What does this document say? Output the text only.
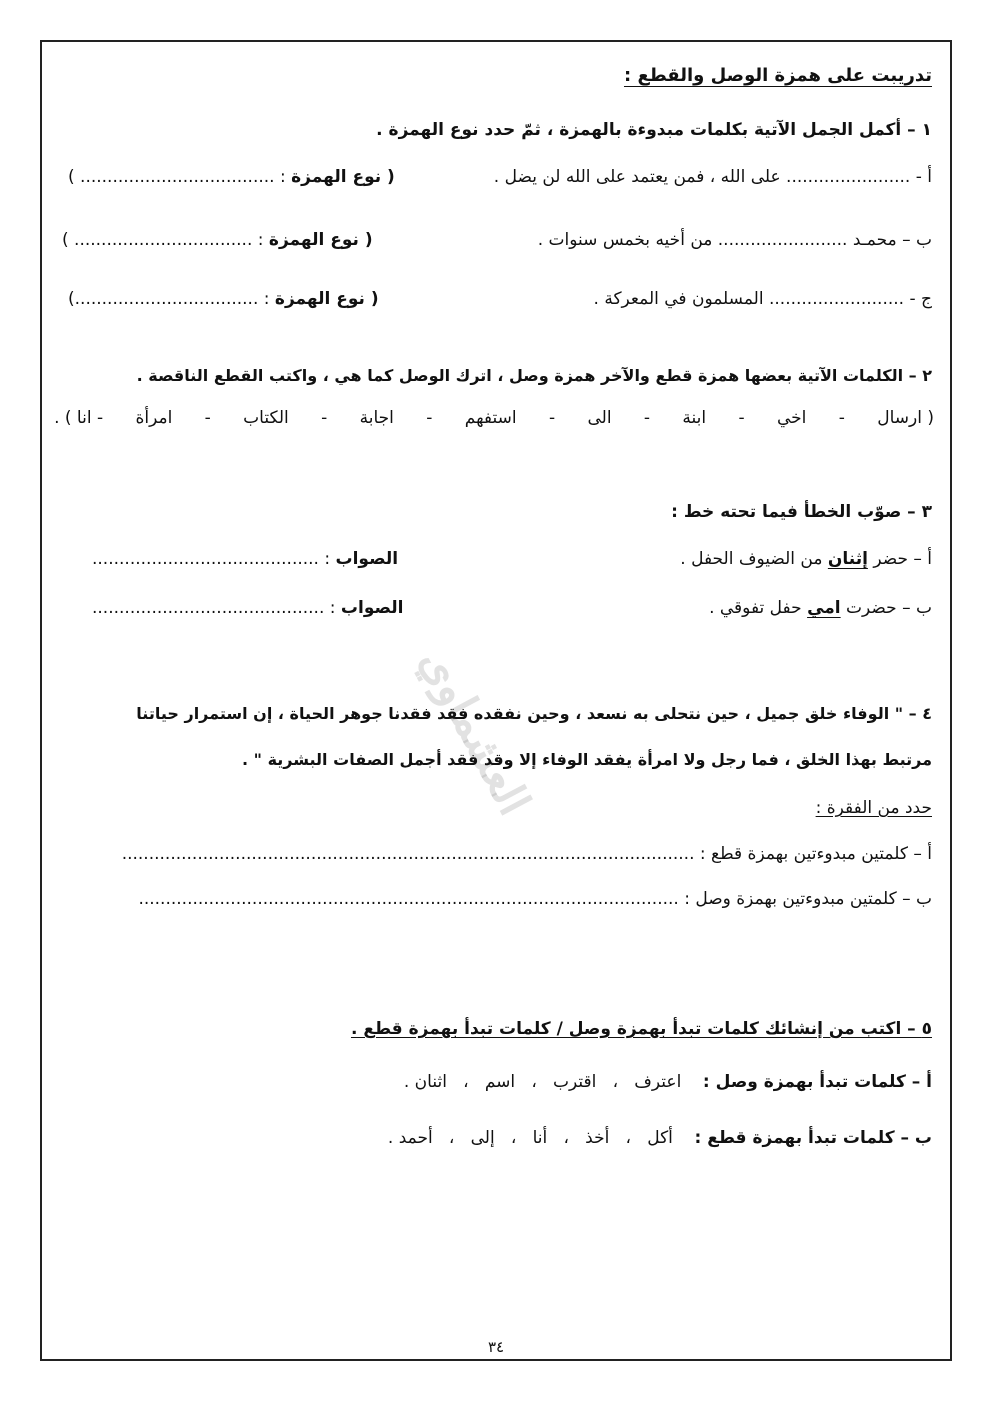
العشماوي
تدريبت على همزة الوصل والقطع :
١ – أكمل الجمل الآتية بكلمات مبدوءة بالهمزة ، ثمّ حدد نوع الهمزة .
أ - ....................... على الله ، فمن يعتمد على الله لن يضل .
( نوع الهمزة : .................................... )
ب – محمـد ........................ من أخيه بخمس سنوات .
( نوع الهمزة : ................................. )
ج - ......................... المسلمون في المعركة .
( نوع الهمزة : ..................................)
٢ – الكلمات الآتية بعضها همزة قطع والآخر همزة وصل ، اترك الوصل كما هي ، واكتب القطع الناقصة .
( ارسال
-
اخي
-
ابنة
-
الى
-
استفهم
-
اجابة
-
الكتاب
-
امرأة
- انا ) .
٣ – صوّب الخطأ فيما تحته خط :
أ – حضر إثنان من الضيوف الحفل .
الصواب : ..........................................
ب – حضرت امي حفل تفوقي .
الصواب : ...........................................
٤ – " الوفاء خلق جميل ، حين نتحلى به نسعد ، وحين نفقده فقد فقدنا جوهر الحياة ، إن استمرار حياتنا
مرتبط بهذا الخلق ، فما رجل ولا امرأة يفقد الوفاء إلا وقد فقد أجمل الصفات البشرية " .
حدد من الفقرة :
أ – كلمتين مبدوءتين بهمزة قطع : ..........................................................................................................
ب – كلمتين مبدوءتين بهمزة وصل : ....................................................................................................
٥ – اكتب من إنشائك كلمات تبدأ بهمزة وصل / كلمات تبدأ بهمزة قطع .
أ – كلمات تبدأ بهمزة وصل :    اعترف   ،   اقترب   ،   اسم   ،   اثنان .
ب – كلمات تبدأ بهمزة قطع :    أكل   ،   أخذ   ،   أنا   ،   إلى   ،   أحمد .
٣٤
